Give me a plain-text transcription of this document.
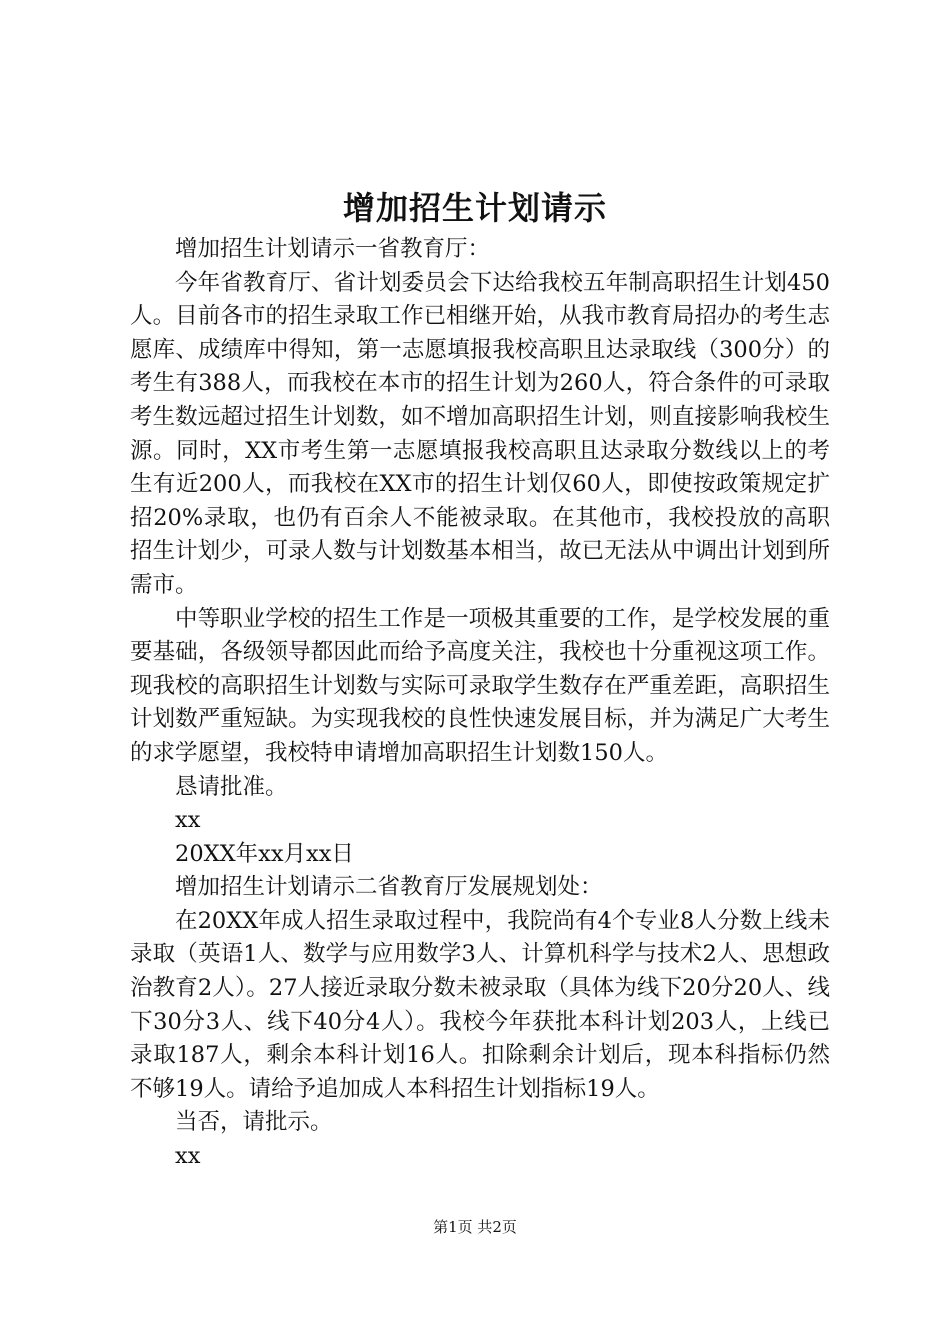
增加招生计划请示

增加招生计划请示一省教育厅：

今年省教育厅、省计划委员会下达给我校五年制高职招生计划450人。目前各市的招生录取工作已相继开始，从我市教育局招办的考生志愿库、成绩库中得知，第一志愿填报我校高职且达录取线（300分）的考生有388人，而我校在本市的招生计划为260人，符合条件的可录取考生数远超过招生计划数，如不增加高职招生计划，则直接影响我校生源。同时，XX市考生第一志愿填报我校高职且达录取分数线以上的考生有近200人，而我校在XX市的招生计划仅60人，即使按政策规定扩招20%录取，也仍有百余人不能被录取。在其他市，我校投放的高职招生计划少，可录人数与计划数基本相当，故已无法从中调出计划到所需市。

中等职业学校的招生工作是一项极其重要的工作，是学校发展的重要基础，各级领导都因此而给予高度关注，我校也十分重视这项工作。现我校的高职招生计划数与实际可录取学生数存在严重差距，高职招生计划数严重短缺。为实现我校的良性快速发展目标，并为满足广大考生的求学愿望，我校特申请增加高职招生计划数150人。

恳请批准。

xx

20XX年xx月xx日

增加招生计划请示二省教育厅发展规划处：

在20XX年成人招生录取过程中，我院尚有4个专业8人分数上线未录取（英语1人、数学与应用数学3人、计算机科学与技术2人、思想政治教育2人）。27人接近录取分数未被录取（具体为线下20分20人、线下30分3人、线下40分4人）。我校今年获批本科计划203人，上线已录取187人，剩余本科计划16人。扣除剩余计划后，现本科指标仍然不够19人。请给予追加成人本科招生计划指标19人。

当否，请批示。

xx

第1页 共2页
